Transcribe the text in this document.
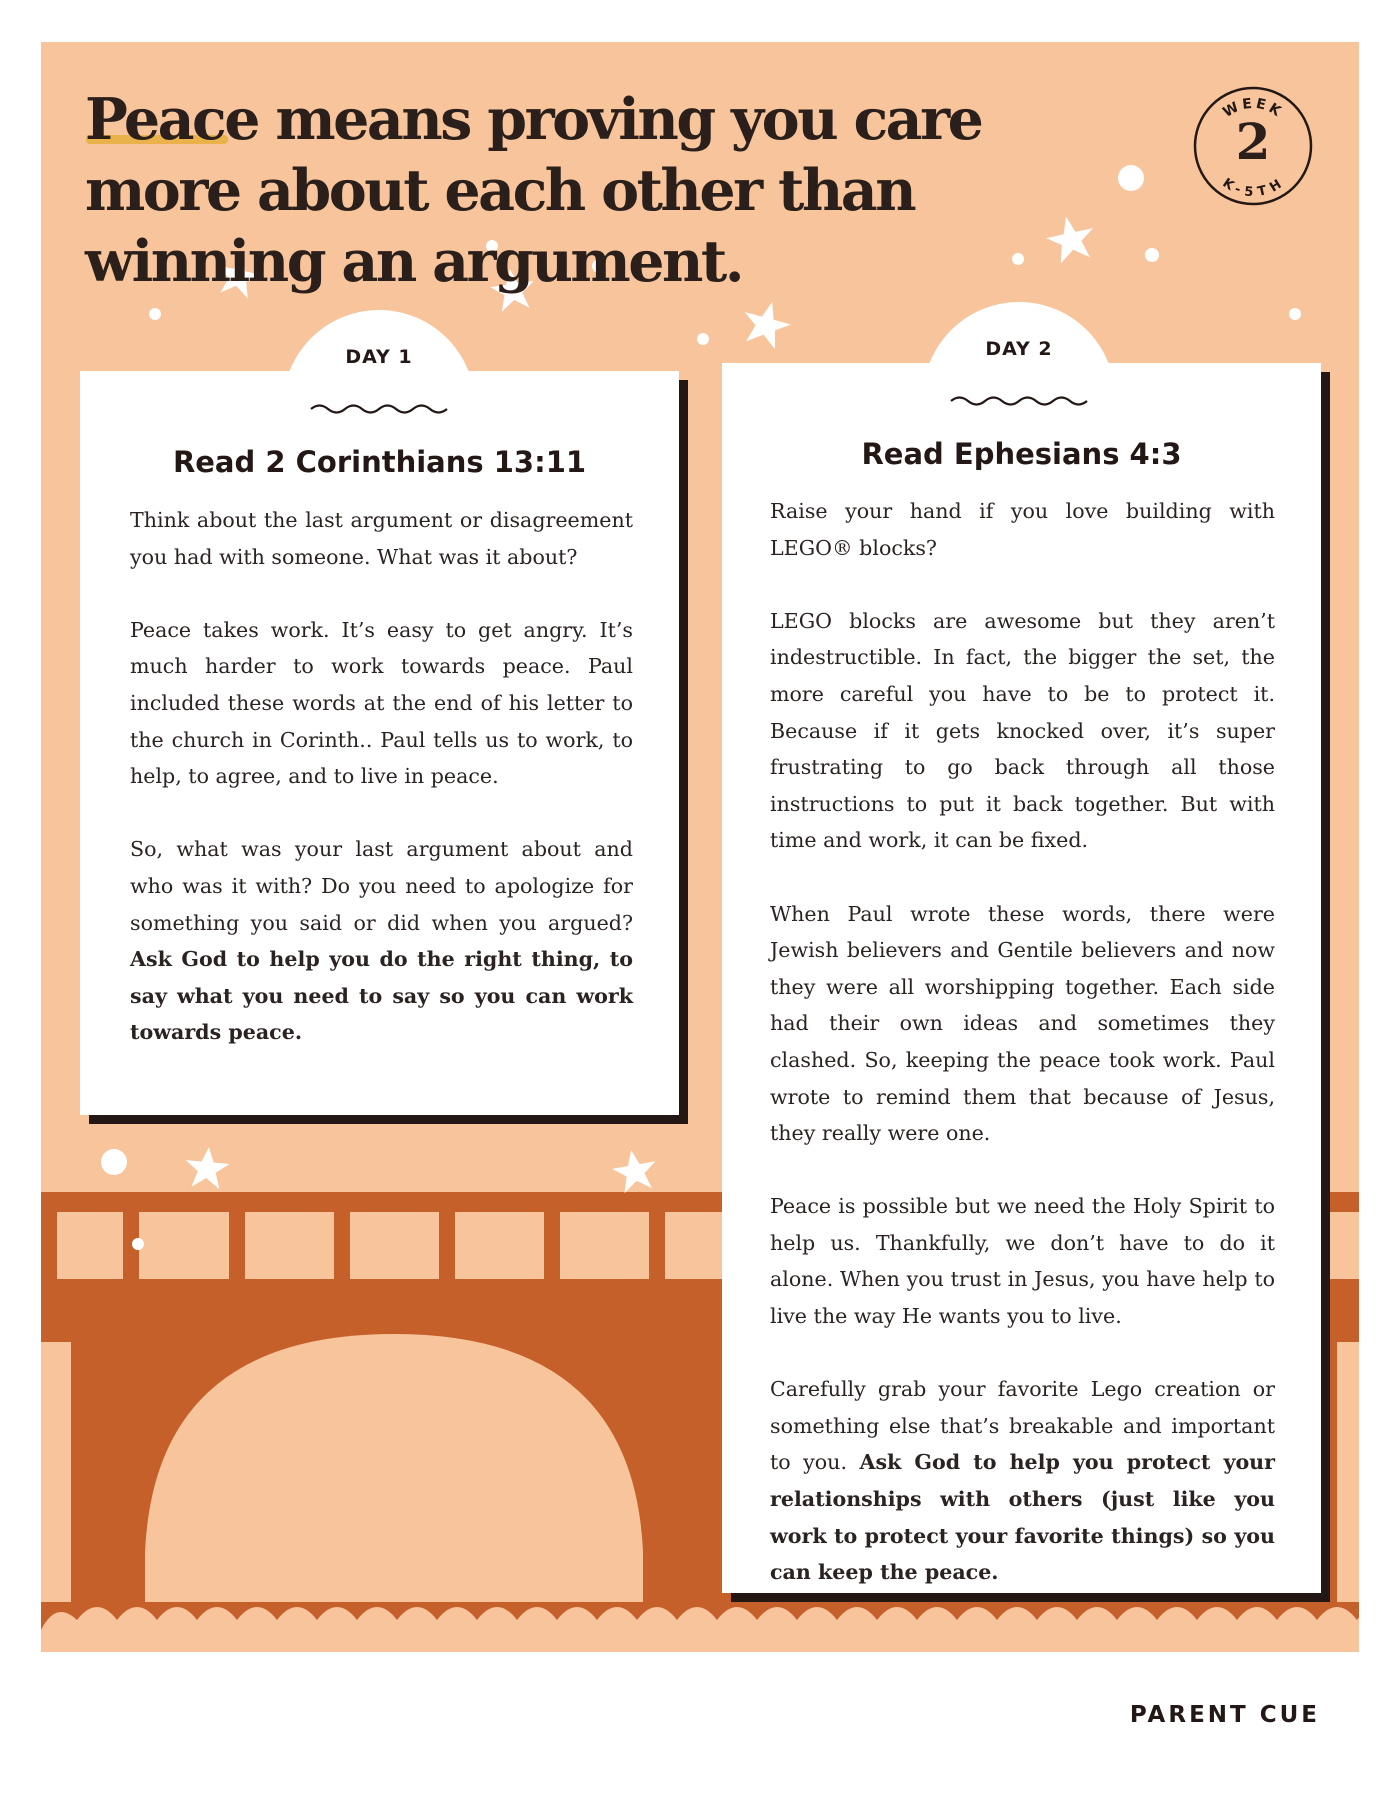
Peace means proving you care more about each other than winning an argument.
WEEK
K-5TH
2
DAY 1
Read 2 Corinthians 13:11

Think about the last argument or disagreement you had with someone. What was it about?

Peace takes work. It’s easy to get angry. It’s much harder to work towards peace. Paul included these words at the end of his letter to the church in Corinth.. Paul tells us to work, to help, to agree, and to live in peace.

So, what was your last argument about and who was it with? Do you need to apologize for something you said or did when you argued? Ask God to help you do the right thing, to say what you need to say so you can work towards peace.

DAY 2
Read Ephesians 4:3

Raise your hand if you love building with LEGO® blocks?

LEGO blocks are awesome but they aren’t indestructible. In fact, the bigger the set, the more careful you have to be to protect it. Because if it gets knocked over, it’s super frustrating to go back through all those instructions to put it back together. But with time and work, it can be fixed.

When Paul wrote these words, there were Jewish believers and Gentile believers and now they were all worshipping together. Each side had their own ideas and sometimes they clashed. So, keeping the peace took work. Paul wrote to remind them that because of Jesus, they really were one.

Peace is possible but we need the Holy Spirit to help us. Thankfully, we don’t have to do it alone. When you trust in Jesus, you have help to live the way He wants you to live.

Carefully grab your favorite Lego creation or something else that’s breakable and important to you. Ask God to help you protect your relationships with others (just like you work to protect your favorite things) so you can keep the peace.

PARENT CUE
